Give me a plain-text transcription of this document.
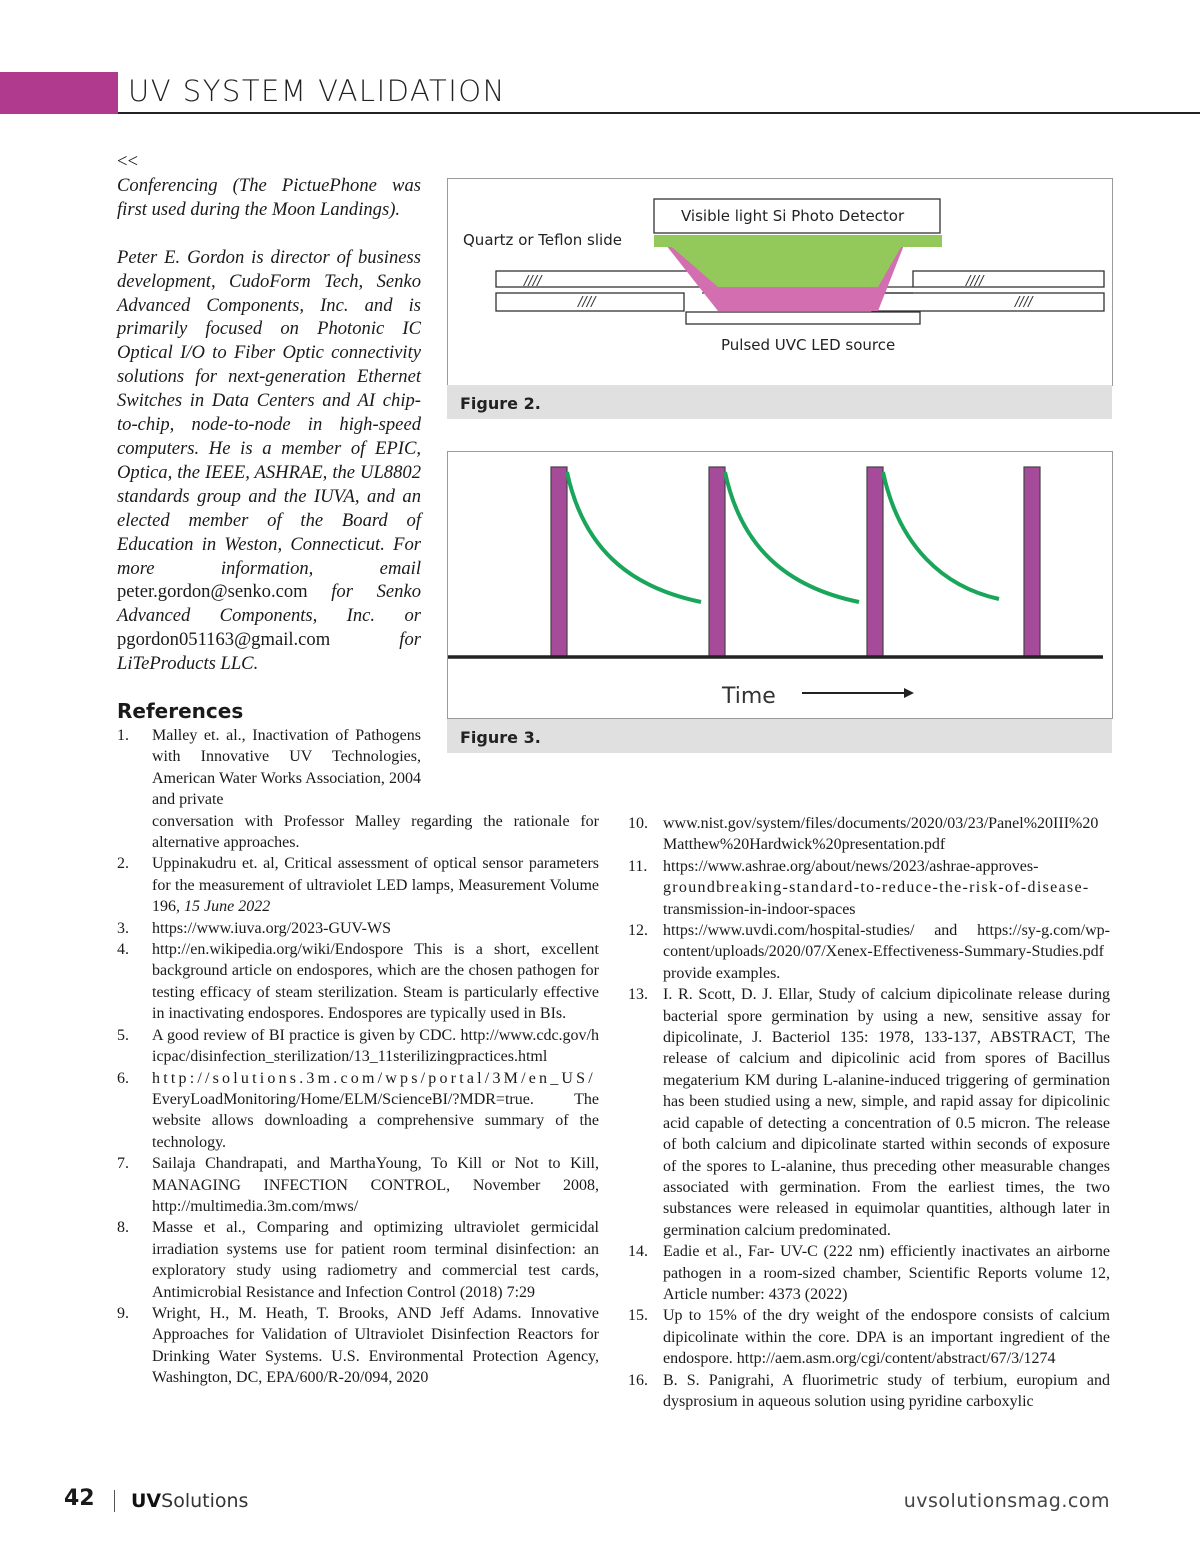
UV SYSTEM VALIDATION

<<

Conferencing (The PictuePhone was first used during the Moon Landings).

Peter E. Gordon is director of business development, CudoForm Tech, Senko Advanced Components, Inc. and is primarily focused on Photonic IC Optical I/O to Fiber Optic connectivity solutions for next-generation Ethernet Switches in Data Centers and AI chip-to-chip, node-to-node in high-speed computers. He is a member of EPIC, Optica, the IEEE, ASHRAE, the UL8802 standards group and the IUVA, and an elected member of the Board of Education in Weston, Connecticut. For more information, email peter.gordon@senko.com for Senko Advanced Components, Inc. or pgordon051163@gmail.com	for LiTeProducts LLC.

Visible light Si Photo Detector
Quartz or Teflon slide
Pulsed UVC LED source
////
////
////
////
Figure 2.
Time
Figure 3.
References
1. Malley et. al., Inactivation of Pathogens with Innovative UV Technologies, American Water Works Association, 2004 and private
conversation with Professor Malley regarding the rationale for alternative approaches.
2. Uppinakudru et. al, Critical assessment of optical sensor parameters for the measurement of ultraviolet LED lamps, Measurement Volume 196, 15 June 2022
3. https://www.iuva.org/2023-GUV-WS
4. http://en.wikipedia.org/wiki/Endospore This is a short, excellent background article on endospores, which are the chosen pathogen for testing efficacy of steam sterilization. Steam is particularly effective in inactivating endospores. Endospores are typically used in BIs.
5. A good review of BI practice is given by CDC. http://www.cdc.gov/hicpac/disinfection_sterilization/13_11sterilizingpractices.html
6. http://solutions.3m.com/wps/portal/3M/en_US/
EveryLoadMonitoring/Home/ELM/ScienceBI/?MDR=true. The website allows downloading a comprehensive summary of the technology.
7. Sailaja Chandrapati, and MarthaYoung, To Kill or Not to Kill, MANAGING INFECTION CONTROL, November 2008, http://multimedia.3m.com/mws/
8. Masse et al., Comparing and optimizing ultraviolet germicidal irradiation systems use for patient room terminal disinfection: an exploratory study using radiometry and commercial test cards, Antimicrobial Resistance and Infection Control (2018) 7:29
9. Wright, H., M. Heath, T. Brooks, AND Jeff Adams. Innovative Approaches for Validation of Ultraviolet Disinfection Reactors for Drinking Water Systems. U.S. Environmental Protection Agency, Washington, DC, EPA/600/R-20/094, 2020
10. www.nist.gov/system/files/documents/2020/03/23/Panel%20III%20Matthew%20Hardwick%20presentation.pdf
11. https://www.ashrae.org/about/news/2023/ashrae-approves-
groundbreaking-standard-to-reduce-the-risk-of-disease-
transmission-in-indoor-spaces
12. https://www.uvdi.com/hospital-studies/ and https://sy-g.com/wp-content/uploads/2020/07/Xenex-Effectiveness-Summary-Studies.pdf provide examples.
13. I. R. Scott, D. J. Ellar, Study of calcium dipicolinate release during bacterial spore germination by using a new, sensitive assay for dipicolinate, J. Bacteriol 135: 1978, 133-137, ABSTRACT, The release of calcium and dipicolinic acid from spores of Bacillus megaterium KM during L-alanine-induced triggering of germination has been studied using a new, simple, and rapid assay for dipicolinic acid capable of detecting a concentration of 0.5 micron. The release of both calcium and dipicolinate started within seconds of exposure of the spores to L-alanine, thus preceding other measurable changes associated with germination. From the earliest times, the two substances were released in equimolar quantities, although later in germination calcium predominated.
14. Eadie et al., Far- UV-C (222 nm) efficiently inactivates an airborne pathogen in a room-sized chamber, Scientific Reports volume 12, Article number: 4373 (2022)
15. Up to 15% of the dry weight of the endospore consists of calcium dipicolinate within the core. DPA is an important ingredient of the endospore. http://aem.asm.org/cgi/content/abstract/67/3/1274
16. B. S. Panigrahi, A fluorimetric study of terbium, europium and dysprosium in aqueous solution using pyridine carboxylic
42 UVSolutions	uvsolutionsmag.com
